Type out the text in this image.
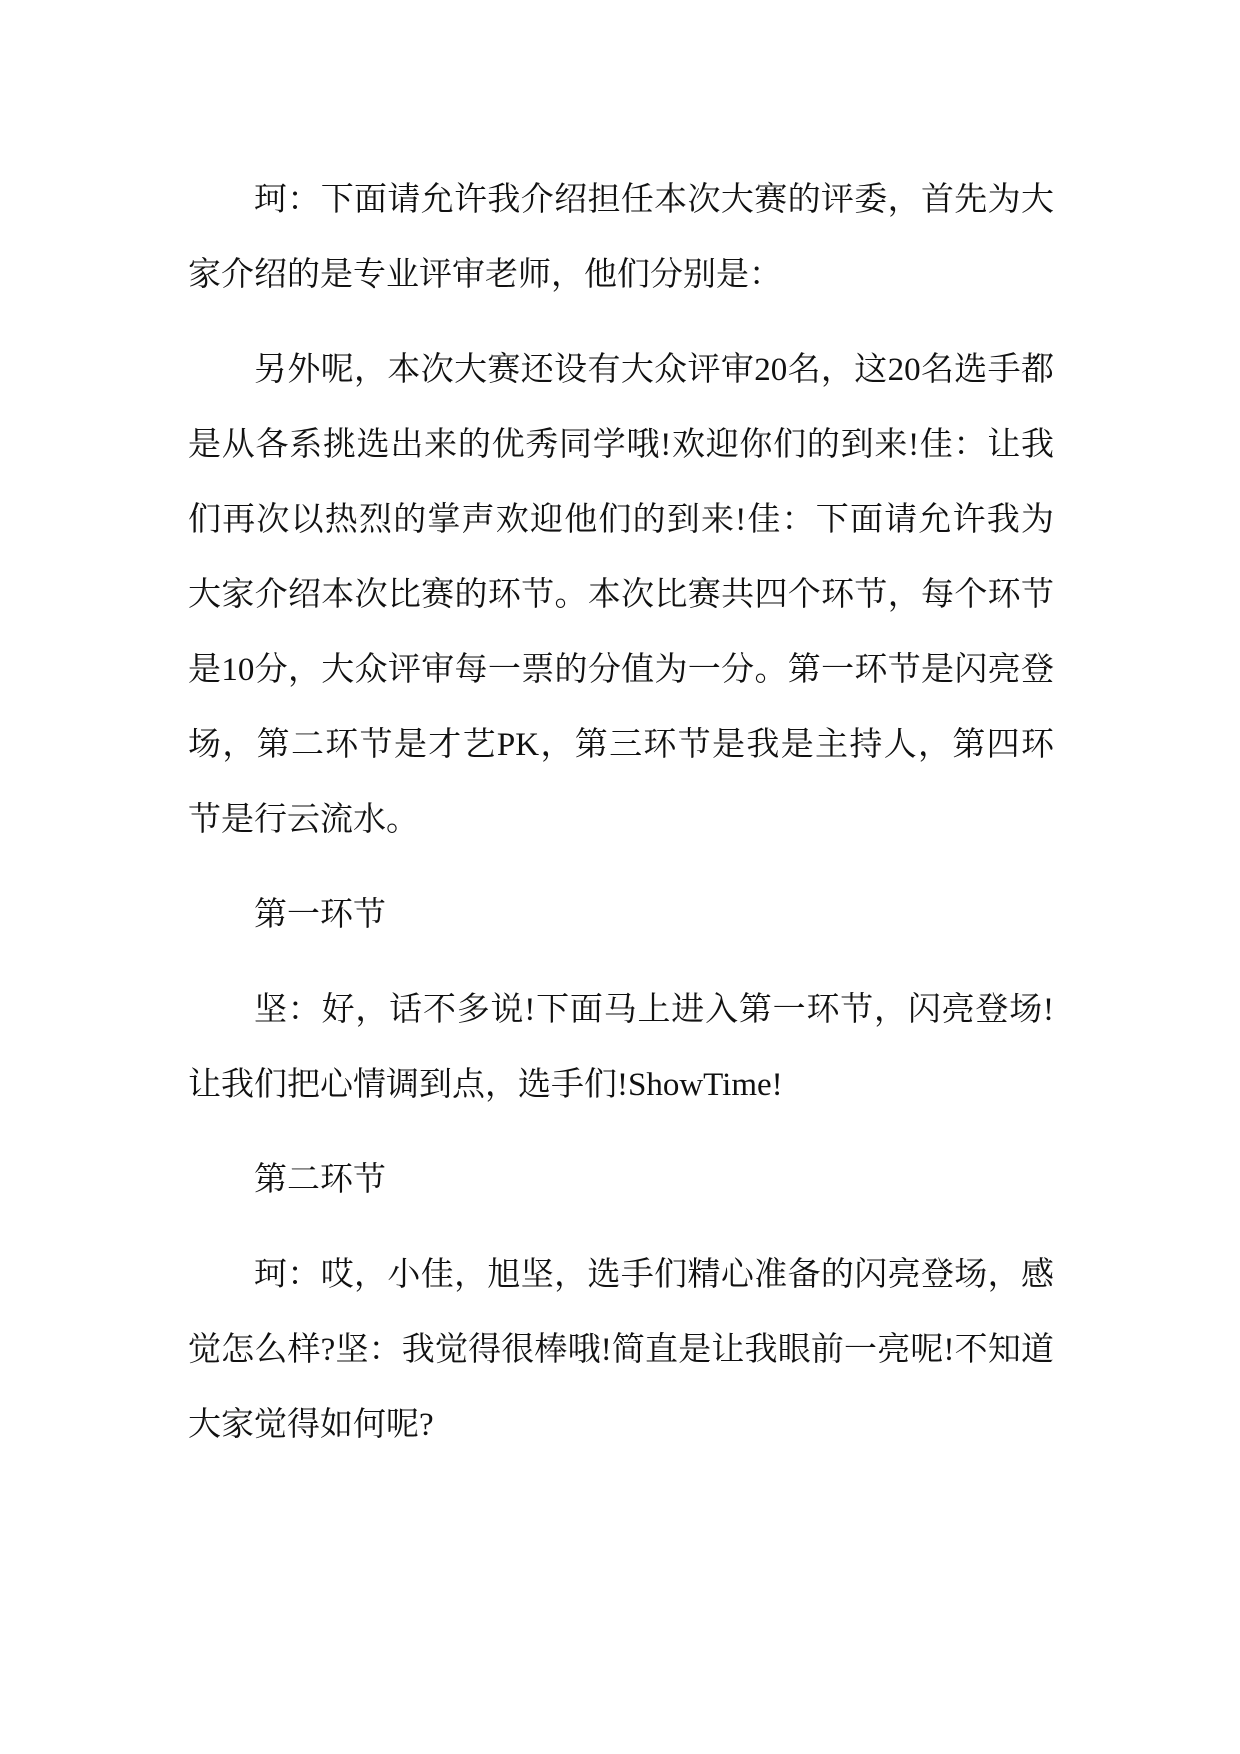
珂：下面请允许我介绍担任本次大赛的评委，首先为大家介绍的是专业评审老师，他们分别是：

另外呢，本次大赛还设有大众评审20名，这20名选手都是从各系挑选出来的优秀同学哦!欢迎你们的到来!佳：让我们再次以热烈的掌声欢迎他们的到来!佳：下面请允许我为大家介绍本次比赛的环节。本次比赛共四个环节，每个环节是10分，大众评审每一票的分值为一分。第一环节是闪亮登场，第二环节是才艺PK，第三环节是我是主持人，第四环节是行云流水。

第一环节

坚：好，话不多说!下面马上进入第一环节，闪亮登场!让我们把心情调到点，选手们!ShowTime!

第二环节

珂：哎，小佳，旭坚，选手们精心准备的闪亮登场，感觉怎么样?坚：我觉得很棒哦!简直是让我眼前一亮呢!不知道大家觉得如何呢?
